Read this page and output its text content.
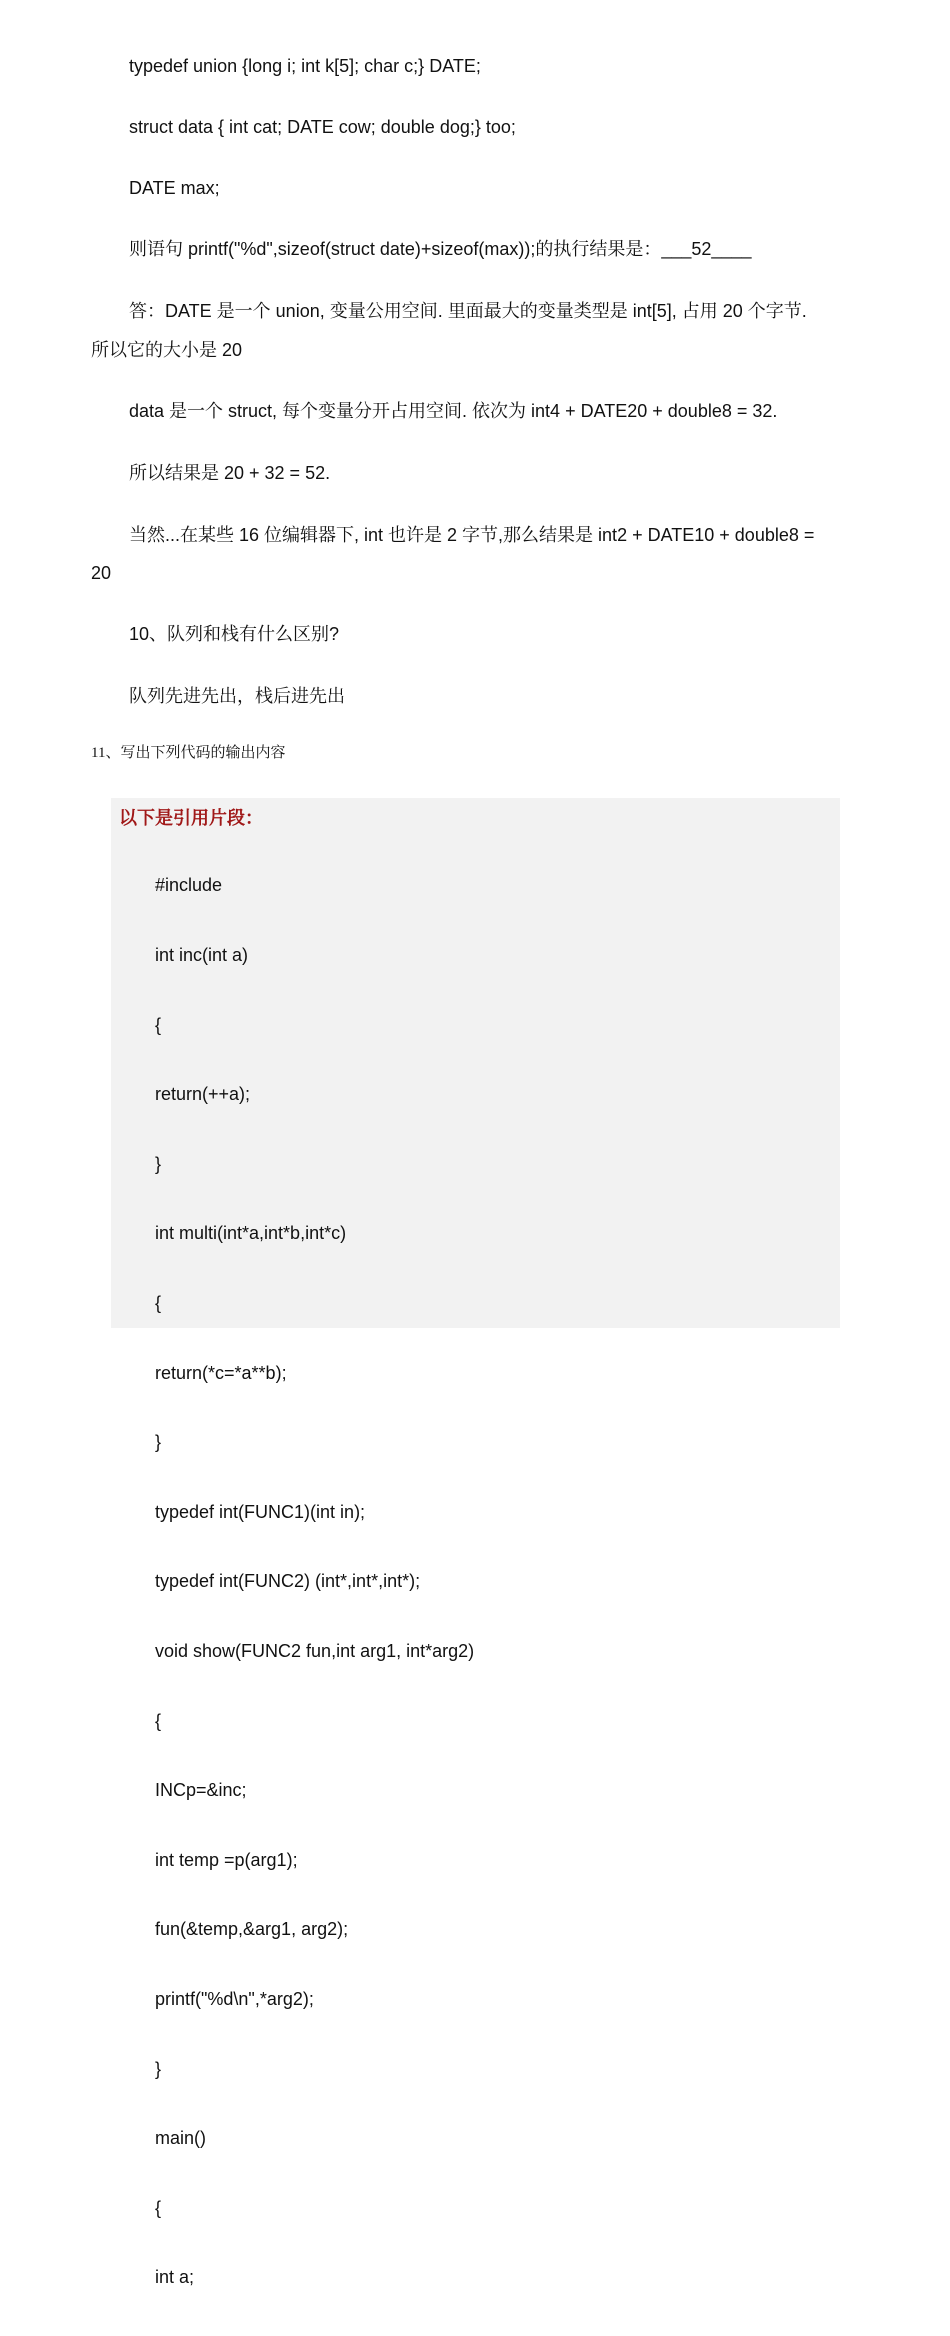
typedef union {long i; int k[5]; char c;} DATE;
struct data { int cat; DATE cow; double dog;} too;
DATE max;
则语句 printf("%d",sizeof(struct date)+sizeof(max));的执行结果是：___52____
答：DATE 是一个 union, 变量公用空间. 里面最大的变量类型是 int[5], 占用 20 个字节.
所以它的大小是 20
data 是一个 struct, 每个变量分开占用空间. 依次为 int4 + DATE20 + double8 = 32.
所以结果是 20 + 32 = 52.
当然...在某些 16 位编辑器下, int 也许是 2 字节,那么结果是 int2 + DATE10 + double8 =
20
10、队列和栈有什么区别?
队列先进先出，栈后进先出
11、写出下列代码的输出内容
以下是引用片段：

#include

int inc(int a)

{

return(++a);

}

int multi(int*a,int*b,int*c)

{

return(*c=*a**b);

}

typedef int(FUNC1)(int in);

typedef int(FUNC2) (int*,int*,int*);

void show(FUNC2 fun,int arg1, int*arg2)

{

INCp=&inc;

int temp =p(arg1);

fun(&temp,&arg1, arg2);

printf("%d\n",*arg2);

}

main()

{

int a;
